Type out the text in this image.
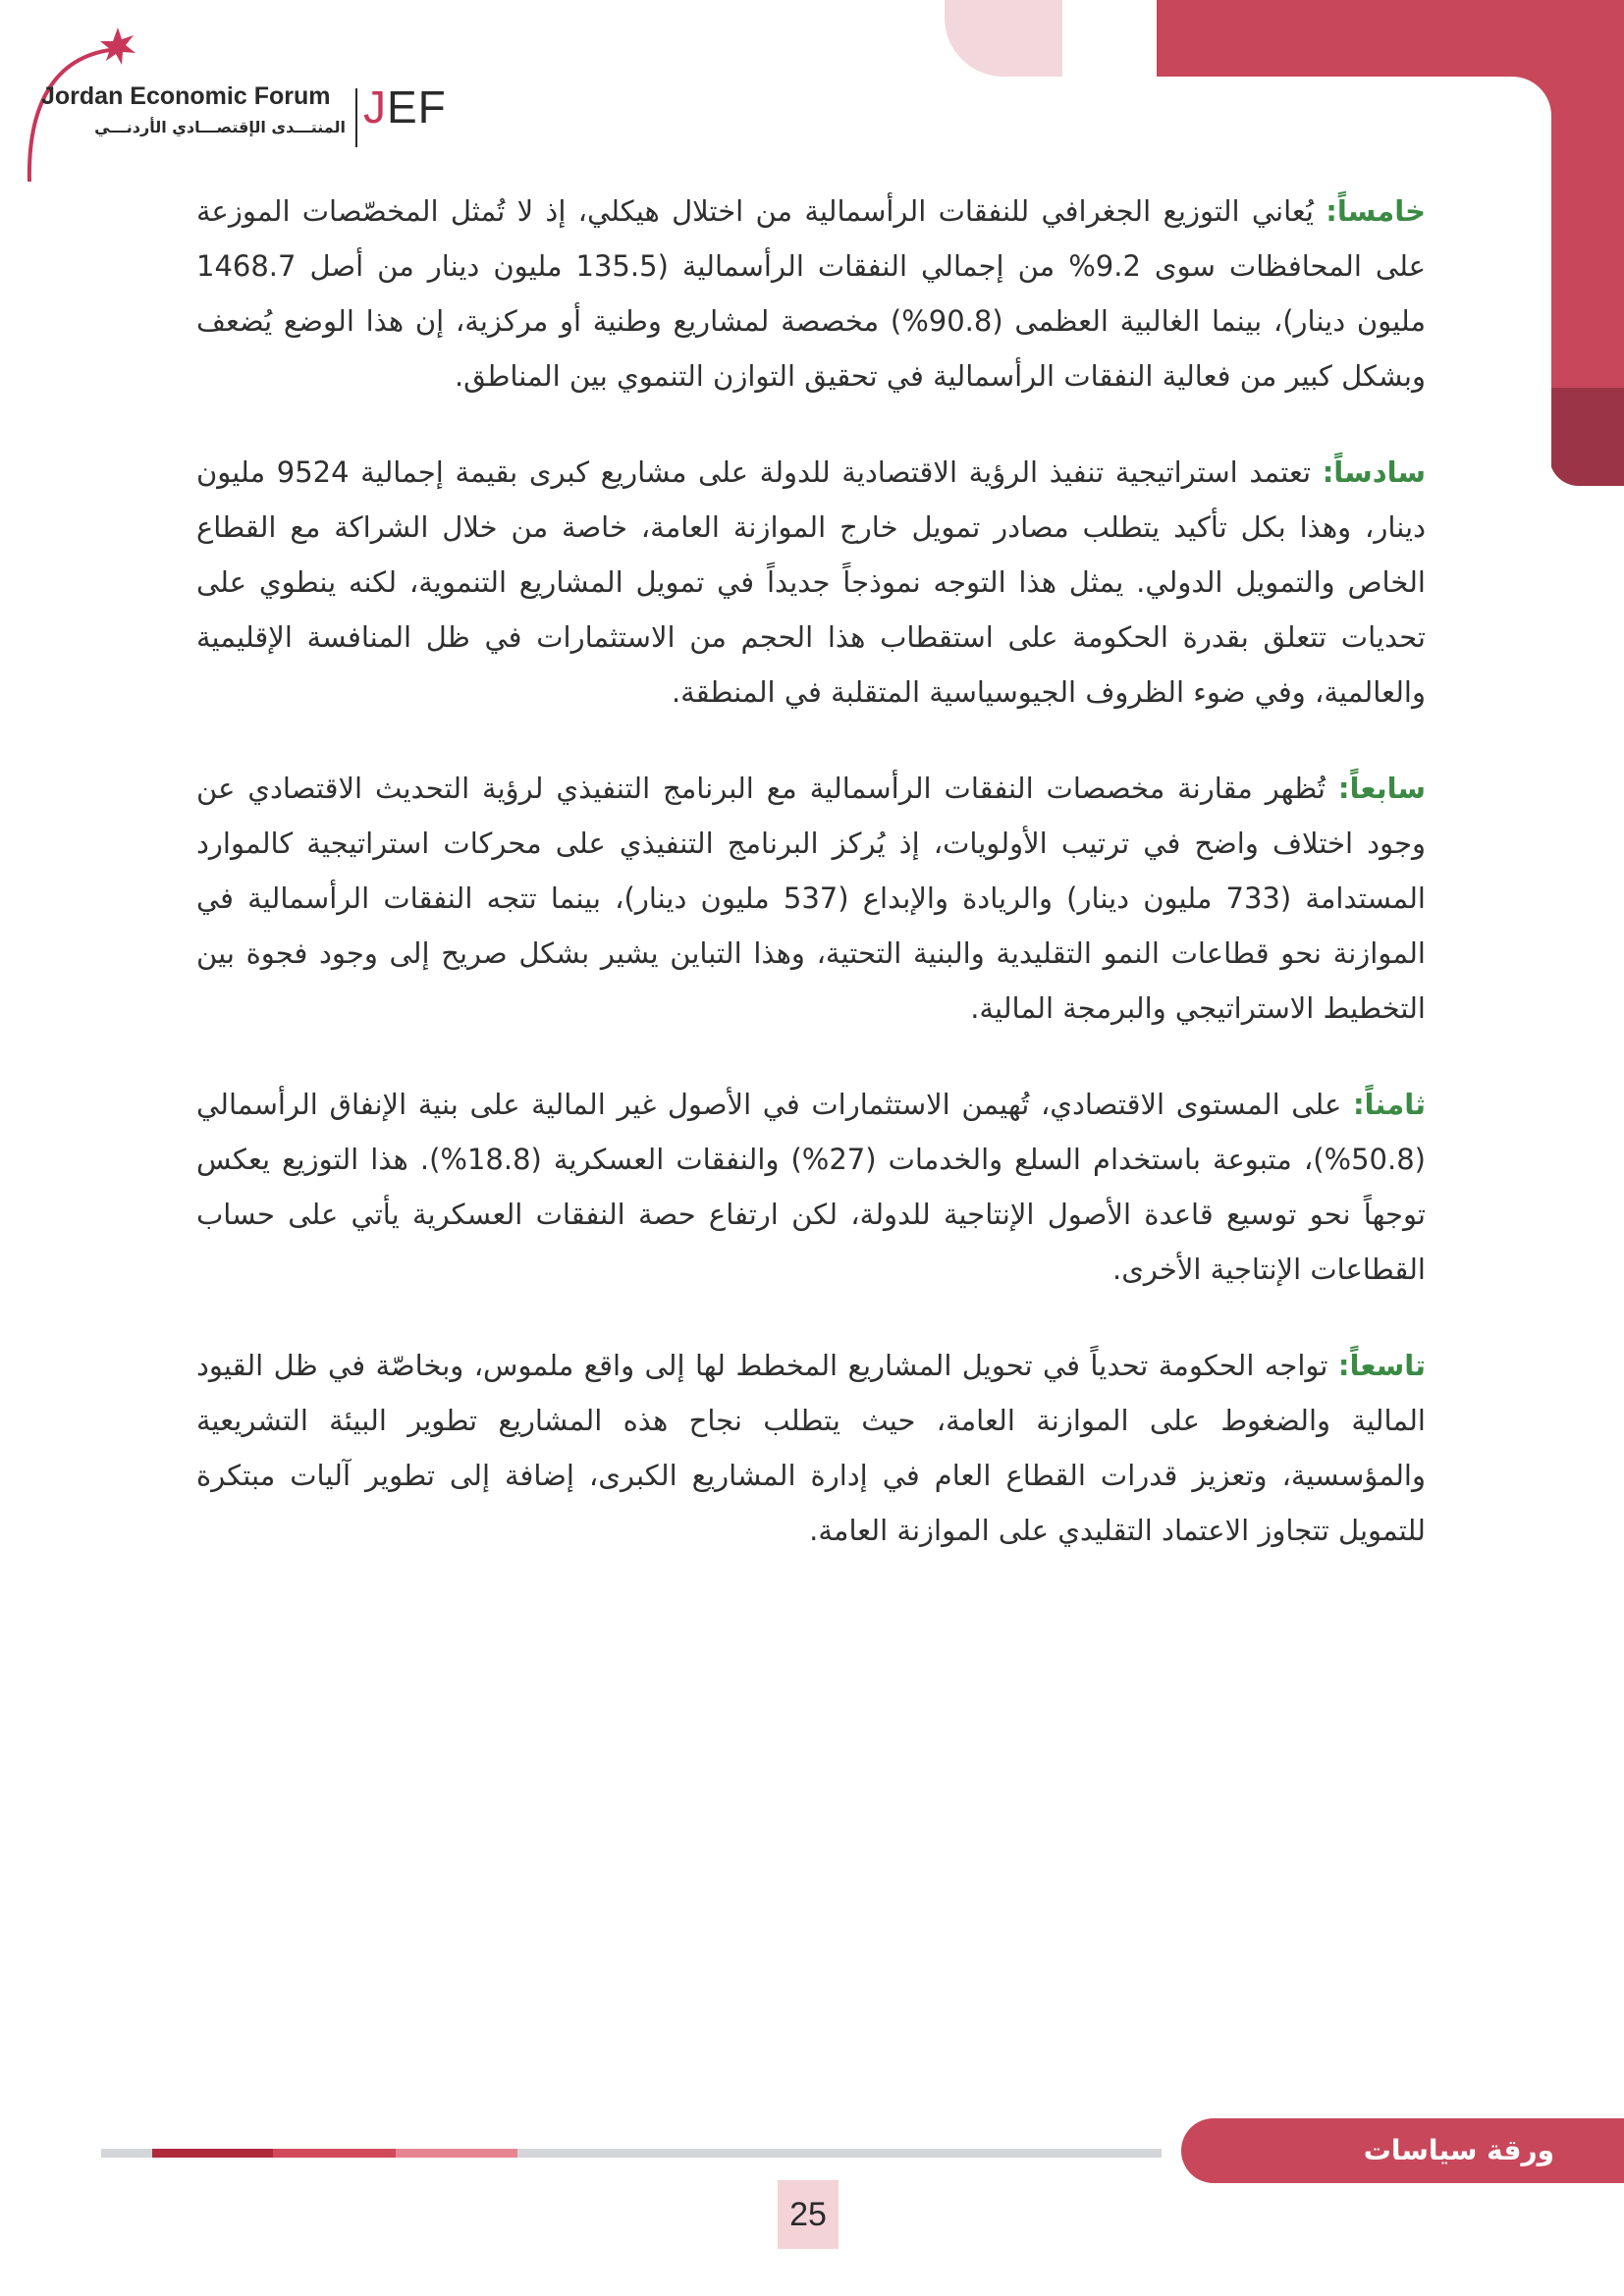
Jordan Economic Forum
المنتـــدى الإقتصـــادي الأردنـــي JEF

خامساً: يُعاني التوزيع الجغرافي للنفقات الرأسمالية من اختلال هيكلي، إذ لا تُمثل المخصّصات الموزعة على المحافظات سوى 9.2% من إجمالي النفقات الرأسمالية (135.5 مليون دينار من أصل 1468.7 مليون دينار)، بينما الغالبية العظمى (90.8%) مخصصة لمشاريع وطنية أو مركزية، إن هذا الوضع يُضعف وبشكل كبير من فعالية النفقات الرأسمالية في تحقيق التوازن التنموي بين المناطق.

سادساً: تعتمد استراتيجية تنفيذ الرؤية الاقتصادية للدولة على مشاريع كبرى بقيمة إجمالية 9524 مليون دينار، وهذا بكل تأكيد يتطلب مصادر تمويل خارج الموازنة العامة، خاصة من خلال الشراكة مع القطاع الخاص والتمويل الدولي. يمثل هذا التوجه نموذجاً جديداً في تمويل المشاريع التنموية، لكنه ينطوي على تحديات تتعلق بقدرة الحكومة على استقطاب هذا الحجم من الاستثمارات في ظل المنافسة الإقليمية والعالمية، وفي ضوء الظروف الجيوسياسية المتقلبة في المنطقة.

سابعاً: تُظهر مقارنة مخصصات النفقات الرأسمالية مع البرنامج التنفيذي لرؤية التحديث الاقتصادي عن وجود اختلاف واضح في ترتيب الأولويات، إذ يُركز البرنامج التنفيذي على محركات استراتيجية كالموارد المستدامة (733 مليون دينار) والريادة والإبداع (537 مليون دينار)، بينما تتجه النفقات الرأسمالية في الموازنة نحو قطاعات النمو التقليدية والبنية التحتية، وهذا التباين يشير بشكل صريح إلى وجود فجوة بين التخطيط الاستراتيجي والبرمجة المالية.

ثامناً: على المستوى الاقتصادي، تُهيمن الاستثمارات في الأصول غير المالية على بنية الإنفاق الرأسمالي (50.8%)، متبوعة باستخدام السلع والخدمات (27%) والنفقات العسكرية (18.8%). هذا التوزيع يعكس توجهاً نحو توسيع قاعدة الأصول الإنتاجية للدولة، لكن ارتفاع حصة النفقات العسكرية يأتي على حساب القطاعات الإنتاجية الأخرى.

تاسعاً: تواجه الحكومة تحدياً في تحويل المشاريع المخطط لها إلى واقع ملموس، وبخاصّة في ظل القيود المالية والضغوط على الموازنة العامة، حيث يتطلب نجاح هذه المشاريع تطوير البيئة التشريعية والمؤسسية، وتعزيز قدرات القطاع العام في إدارة المشاريع الكبرى، إضافة إلى تطوير آليات مبتكرة للتمويل تتجاوز الاعتماد التقليدي على الموازنة العامة.

ورقة سياسات
25
